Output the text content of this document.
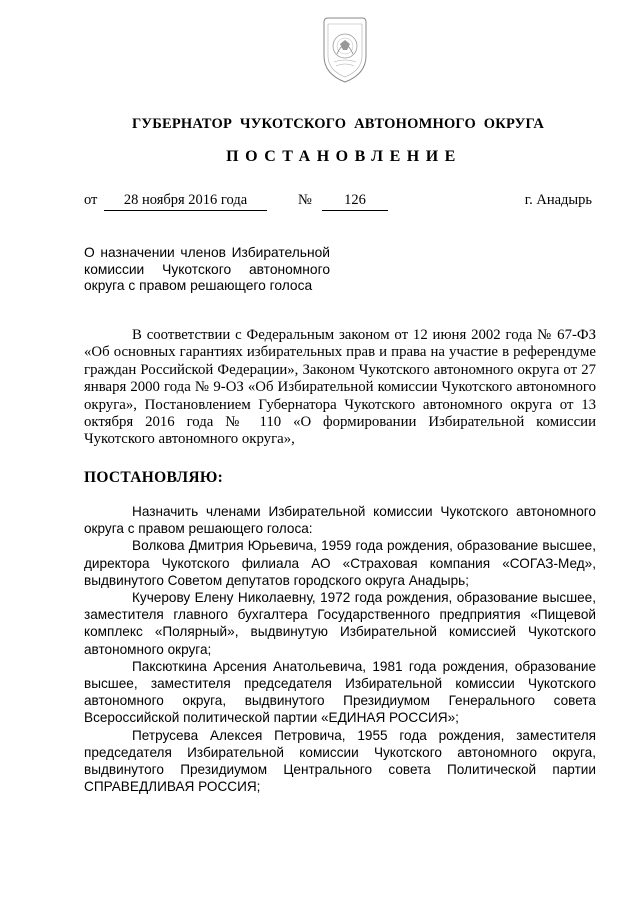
ГУБЕРНАТОР ЧУКОТСКОГО АВТОНОМНОГО ОКРУГА
ПОСТАНОВЛЕНИЕ
от	28 ноября 2016 года	№	126	г. Анадырь
О назначении членов Избирательной
комиссии Чукотского автономного
округа с правом решающего голоса

В соответствии с Федеральным законом от 12 июня 2002 года № 67-ФЗ «Об основных гарантиях избирательных прав и права на участие в референдуме граждан Российской Федерации», Законом Чукотского автономного округа от 27 января 2000 года № 9-ОЗ «Об Избирательной комиссии Чукотского автономного округа», Постановлением Губернатора Чукотского автономного округа от 13 октября 2016 года № 110 «О формировании Избирательной комиссии Чукотского автономного округа»,

ПОСТАНОВЛЯЮ:

Назначить членами Избирательной комиссии Чукотского автономного округа с правом решающего голоса:

Волкова Дмитрия Юрьевича, 1959 года рождения, образование высшее, директора Чукотского филиала АО «Страховая компания «СОГАЗ-Мед», выдвинутого Советом депутатов городского округа Анадырь;

Кучерову Елену Николаевну, 1972 года рождения, образование высшее, заместителя главного бухгалтера Государственного предприятия «Пищевой комплекс «Полярный», выдвинутую Избирательной комиссией Чукотского автономного округа;

Паксюткина Арсения Анатольевича, 1981 года рождения, образование высшее, заместителя председателя Избирательной комиссии Чукотского автономного округа, выдвинутого Президиумом Генерального совета Всероссийской политической партии «ЕДИНАЯ РОССИЯ»;

Петрусева Алексея Петровича, 1955 года рождения, заместителя председателя Избирательной комиссии Чукотского автономного округа, выдвинутого Президиумом Центрального совета Политической партии СПРАВЕДЛИВАЯ РОССИЯ;
